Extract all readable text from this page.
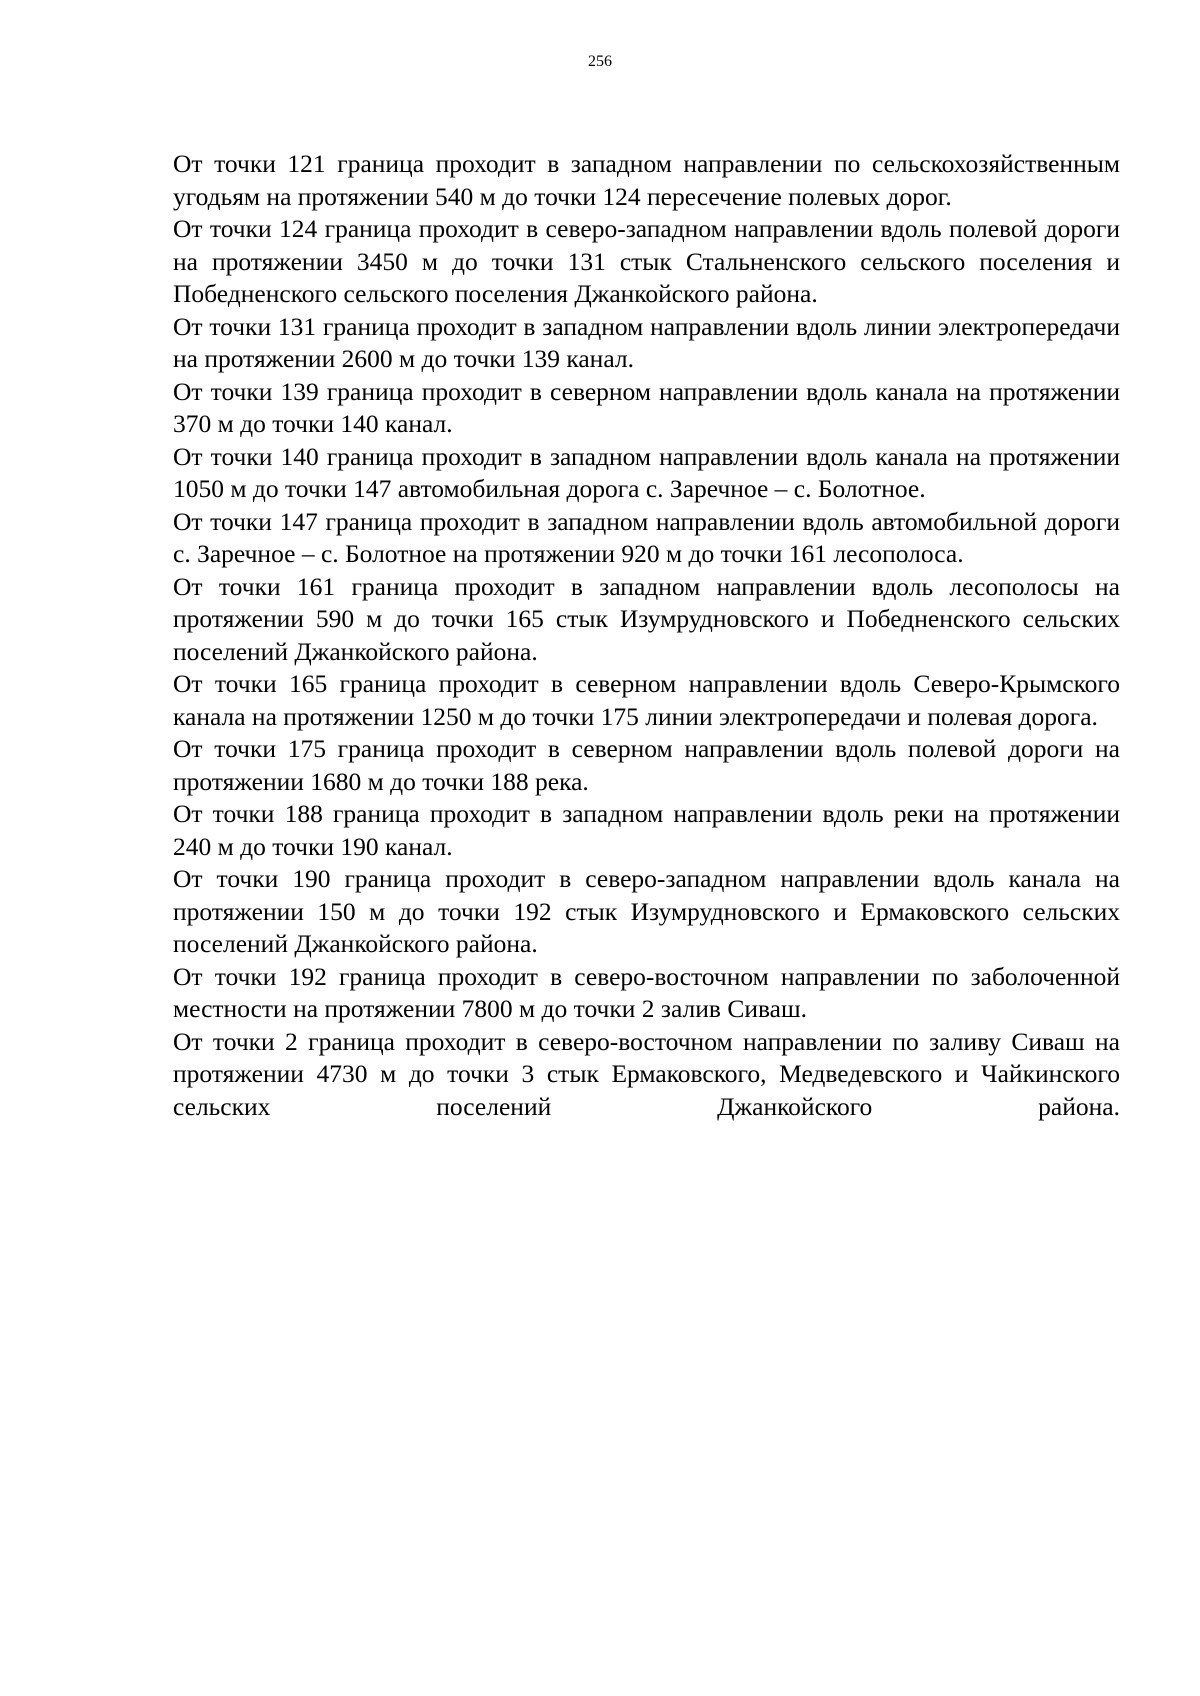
256

От точки 121 граница проходит в западном направлении по сельскохозяйственным угодьям на протяжении 540 м до точки 124 пересечение полевых дорог.

От точки 124 граница проходит в северо-западном направлении вдоль полевой дороги на протяжении 3450 м до точки 131 стык Стальненского сельского поселения и Победненского сельского поселения Джанкойского района.

От точки 131 граница проходит в западном направлении вдоль линии электропередачи на протяжении 2600 м до точки 139 канал.

От точки 139 граница проходит в северном направлении вдоль канала на протяжении 370 м до точки 140 канал.

От точки 140 граница проходит в западном направлении вдоль канала на протяжении 1050 м до точки 147 автомобильная дорога с. Заречное – с. Болотное.

От точки 147 граница проходит в западном направлении вдоль автомобильной дороги с. Заречное – с. Болотное на протяжении 920 м до точки 161 лесополоса.

От точки 161 граница проходит в западном направлении вдоль лесополосы на протяжении 590 м до точки 165 стык Изумрудновского и Победненского сельских поселений Джанкойского района.

От точки 165 граница проходит в северном направлении вдоль Северо-Крымского канала на протяжении 1250 м до точки 175 линии электропередачи и полевая дорога.

От точки 175 граница проходит в северном направлении вдоль полевой дороги на протяжении 1680 м до точки 188 река.

От точки 188 граница проходит в западном направлении вдоль реки на протяжении 240 м до точки 190 канал.

От точки 190 граница проходит в северо-западном направлении вдоль канала на протяжении 150 м до точки 192 стык Изумрудновского и Ермаковского сельских поселений Джанкойского района.

От точки 192 граница проходит в северо-восточном направлении по заболоченной местности на протяжении 7800 м до точки 2 залив Сиваш.

От точки 2 граница проходит в северо-восточном направлении по заливу Сиваш на протяжении 4730 м до точки 3 стык Ермаковского, Медведевского и Чайкинского сельских поселений Джанкойского района.
